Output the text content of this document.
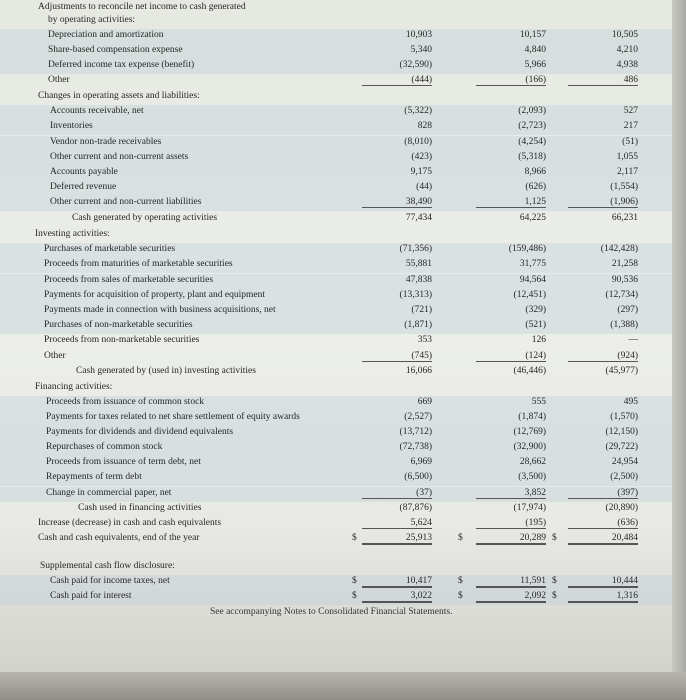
Adjustments to reconcile net income to cash generated
by operating activities:
Depreciation and amortization	10,903	10,157	10,505
Share-based compensation expense	5,340	4,840	4,210
Deferred income tax expense (benefit)	(32,590)	5,966	4,938
Other	(444)	(166)	486
Changes in operating assets and liabilities:
Accounts receivable, net	(5,322)	(2,093)	527
Inventories	828	(2,723)	217
Vendor non-trade receivables	(8,010)	(4,254)	(51)
Other current and non-current assets	(423)	(5,318)	1,055
Accounts payable	9,175	8,966	2,117
Deferred revenue	(44)	(626)	(1,554)
Other current and non-current liabilities	38,490	1,125	(1,906)
Cash generated by operating activities	77,434	64,225	66,231
Investing activities:
Purchases of marketable securities	(71,356)	(159,486)	(142,428)
Proceeds from maturities of marketable securities	55,881	31,775	21,258
Proceeds from sales of marketable securities	47,838	94,564	90,536
Payments for acquisition of property, plant and equipment	(13,313)	(12,451)	(12,734)
Payments made in connection with business acquisitions, net	(721)	(329)	(297)
Purchases of non-marketable securities	(1,871)	(521)	(1,388)
Proceeds from non-marketable securities	353	126	—
Other	(745)	(124)	(924)
Cash generated by (used in) investing activities	16,066	(46,446)	(45,977)
Financing activities:
Proceeds from issuance of common stock	669	555	495
Payments for taxes related to net share settlement of equity awards	(2,527)	(1,874)	(1,570)
Payments for dividends and dividend equivalents	(13,712)	(12,769)	(12,150)
Repurchases of common stock	(72,738)	(32,900)	(29,722)
Proceeds from issuance of term debt, net	6,969	28,662	24,954
Repayments of term debt	(6,500)	(3,500)	(2,500)
Change in commercial paper, net	(37)	3,852	(397)
Cash used in financing activities	(87,876)	(17,974)	(20,890)
Increase (decrease) in cash and cash equivalents	5,624	(195)	(636)
Cash and cash equivalents, end of the year	25,913	20,289	20,484
$	$	$
Supplemental cash flow disclosure:
Cash paid for income taxes, net	10,417	11,591	10,444
$	$	$
Cash paid for interest	3,022	2,092	1,316
$	$	$
See accompanying Notes to Consolidated Financial Statements.
